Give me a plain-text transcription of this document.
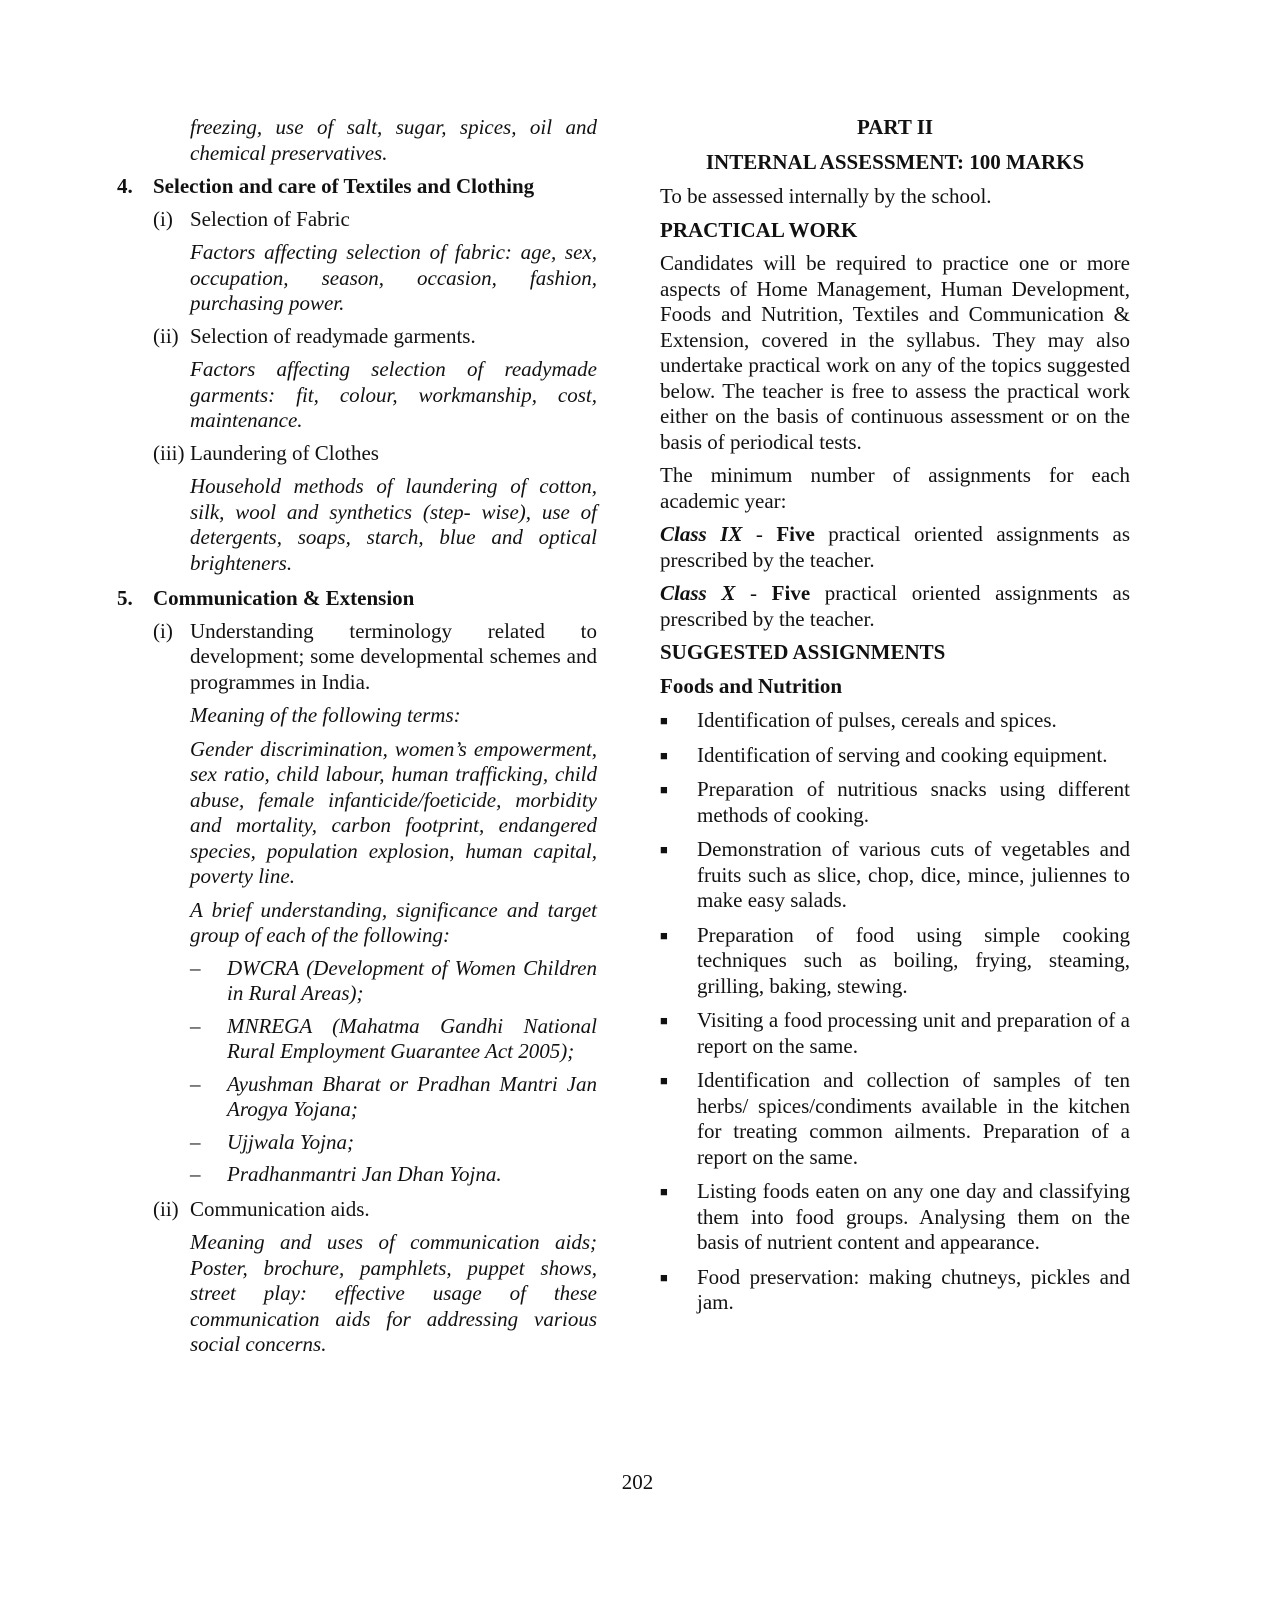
freezing, use of salt, sugar, spices, oil and chemical preservatives.

4. Selection and care of Textiles and Clothing
(i) Selection of Fabric

Factors affecting selection of fabric: age, sex, occupation, season, occasion, fashion, purchasing power.

(ii) Selection of readymade garments.

Factors affecting selection of readymade garments: fit, colour, workmanship, cost, maintenance.

(iii) Laundering of Clothes

Household methods of laundering of cotton, silk, wool and synthetics (step- wise), use of detergents, soaps, starch, blue and optical brighteners.

5. Communication & Extension
(i) Understanding terminology related to development; some developmental schemes and programmes in India.

Meaning of the following terms:

Gender discrimination, women’s empowerment, sex ratio, child labour, human trafficking, child abuse, female infanticide/foeticide, morbidity and mortality, carbon footprint, endangered species, population explosion, human capital, poverty line.

A brief understanding, significance and target group of each of the following:

–	DWCRA (Development of Women Children in Rural Areas);
–	MNREGA (Mahatma Gandhi National Rural Employment Guarantee Act 2005);
–	Ayushman Bharat or Pradhan Mantri Jan Arogya Yojana;
–	Ujjwala Yojna;
–	Pradhanmantri Jan Dhan Yojna.
(ii) Communication aids.

Meaning and uses of communication aids; Poster, brochure, pamphlets, puppet shows, street play: effective usage of these communication aids for addressing various social concerns.

PART II

INTERNAL ASSESSMENT: 100 MARKS

To be assessed internally by the school.

PRACTICAL WORK

Candidates will be required to practice one or more aspects of Home Management, Human Development, Foods and Nutrition, Textiles and Communication & Extension, covered in the syllabus. They may also undertake practical work on any of the topics suggested below. The teacher is free to assess the practical work either on the basis of continuous assessment or on the basis of periodical tests.

The minimum number of assignments for each academic year:

Class IX - Five practical oriented assignments as prescribed by the teacher.

Class X - Five practical oriented assignments as prescribed by the teacher.

SUGGESTED ASSIGNMENTS

Foods and Nutrition

■	Identification of pulses, cereals and spices.
■	Identification of serving and cooking equipment.
■	Preparation of nutritious snacks using different methods of cooking.
■	Demonstration of various cuts of vegetables and fruits such as slice, chop, dice, mince, juliennes to make easy salads.
■	Preparation of food using simple cooking techniques such as boiling, frying, steaming, grilling, baking, stewing.
■	Visiting a food processing unit and preparation of a report on the same.
■	Identification and collection of samples of ten herbs/ spices/condiments available in the kitchen for treating common ailments. Preparation of a report on the same.
■	Listing foods eaten on any one day and classifying them into food groups. Analysing them on the basis of nutrient content and appearance.
■	Food preservation: making chutneys, pickles and jam.
202
